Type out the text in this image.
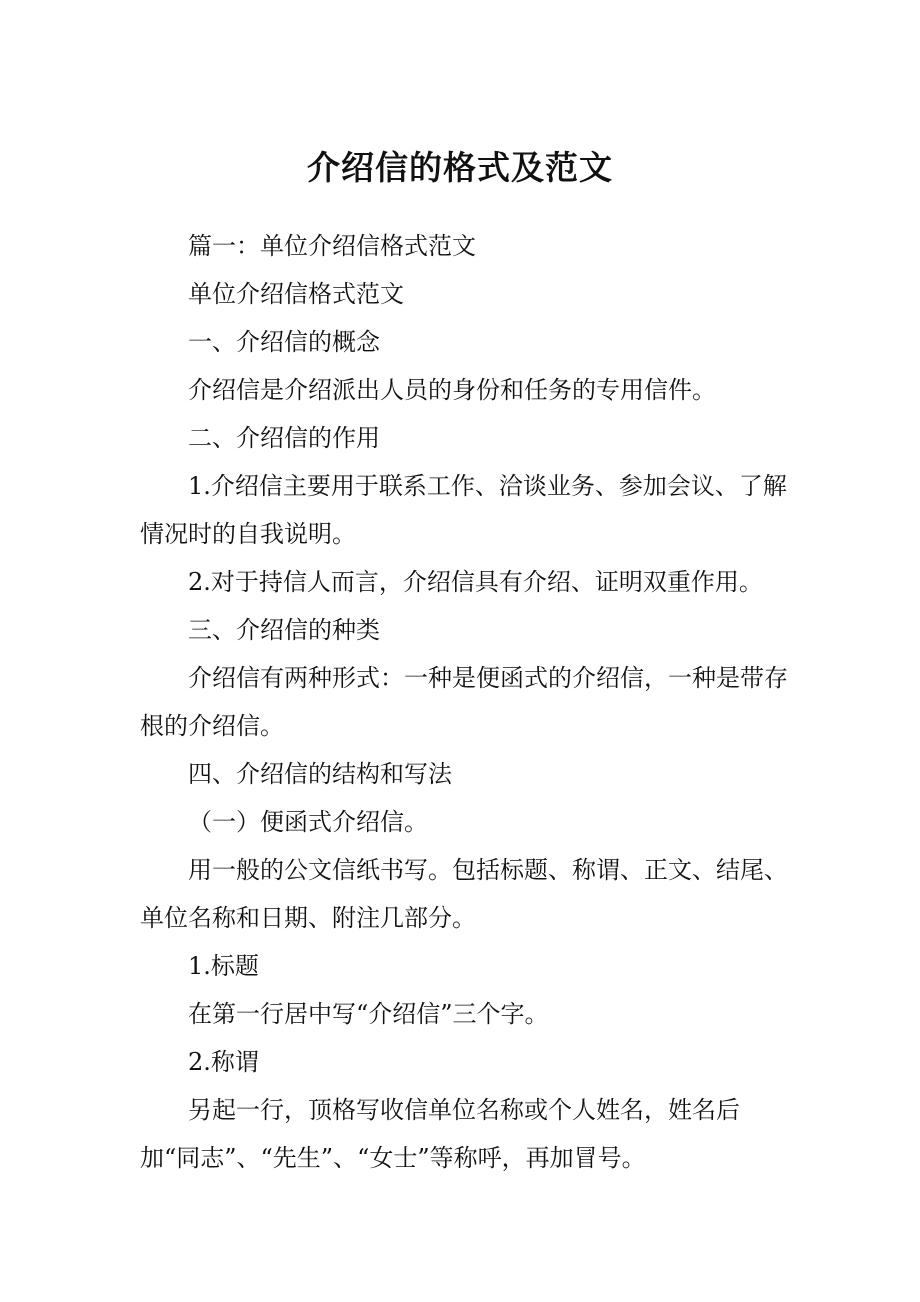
介绍信的格式及范文

篇一：单位介绍信格式范文

单位介绍信格式范文

一、介绍信的概念

介绍信是介绍派出人员的身份和任务的专用信件。

二、介绍信的作用

1.介绍信主要用于联系工作、洽谈业务、参加会议、了解情况时的自我说明。

2.对于持信人而言，介绍信具有介绍、证明双重作用。

三、介绍信的种类

介绍信有两种形式：一种是便函式的介绍信，一种是带存根的介绍信。

四、介绍信的结构和写法

（一）便函式介绍信。

用一般的公文信纸书写。包括标题、称谓、正文、结尾、单位名称和日期、附注几部分。

1.标题

在第一行居中写“介绍信”三个字。

2.称谓

另起一行，顶格写收信单位名称或个人姓名，姓名后加“同志”、“先生”、“女士”等称呼，再加冒号。
